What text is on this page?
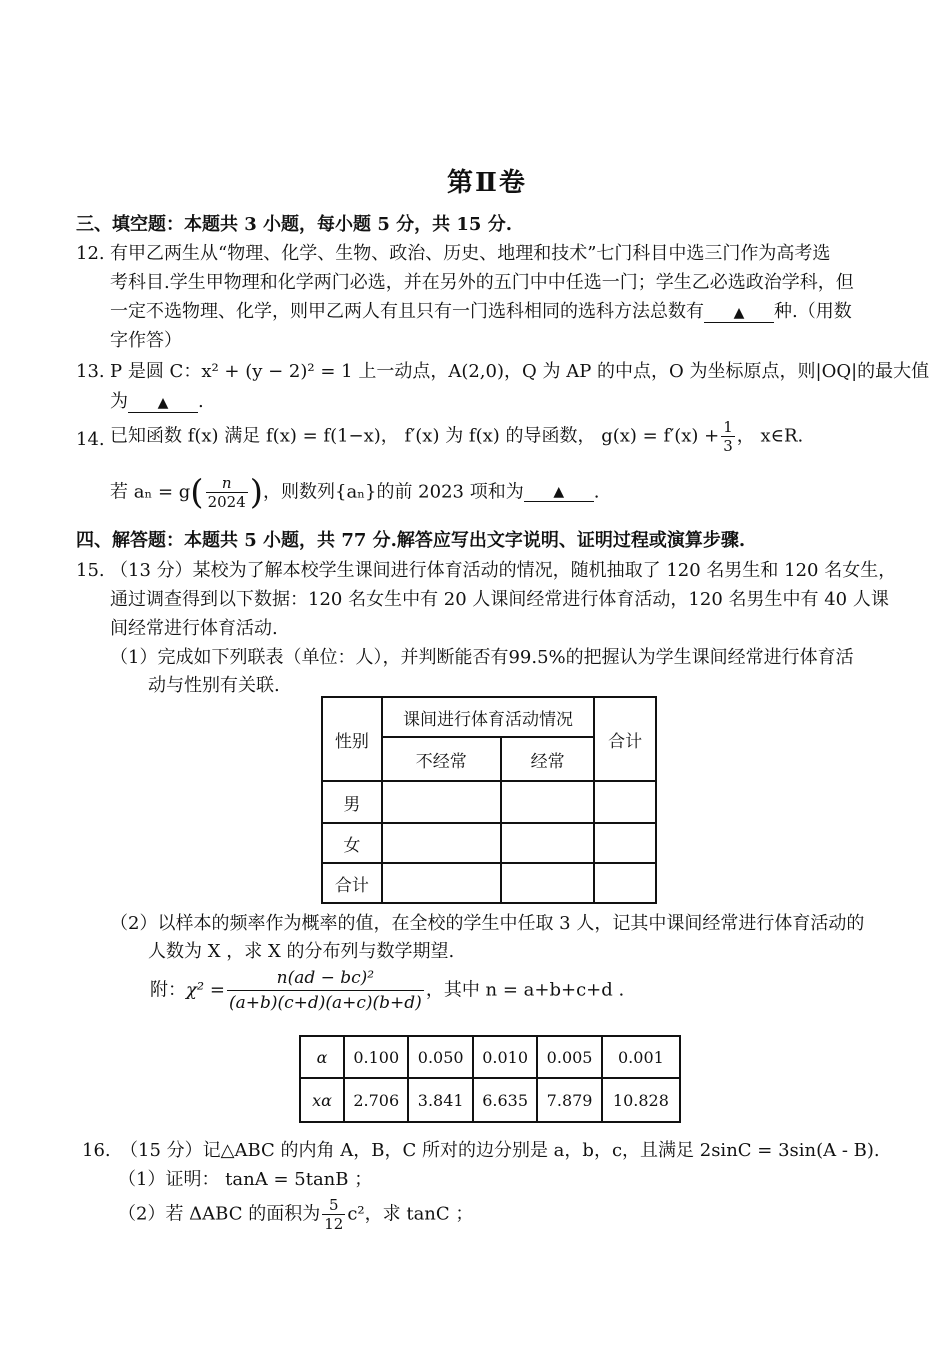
第Ⅱ卷
三、填空题：本题共 3 小题，每小题 5 分，共 15 分.
12. 有甲乙两生从“物理、化学、生物、政治、历史、地理和技术”七门科目中选三门作为高考选
考科目.学生甲物理和化学两门必选，并在另外的五门中中任选一门；学生乙必选政治学科，但
一定不选物理、化学，则甲乙两人有且只有一门选科相同的选科方法总数有 ▲ 种.（用数
字作答）
13. P 是圆 C：x² + (y − 2)² = 1 上一动点，A(2,0)，Q 为 AP 的中点，O 为坐标原点，则|OQ|的最大值
为 ▲ .
14. 已知函数 f(x) 满足 f(x) = f(1−x)， f′(x) 为 f(x) 的导函数， $g(x) = f'(x) + \frac{1}{3}$ ， x∈R.
若 $a_n = g( \frac{n}{2024}$ )，则数列{aₙ}的前 2023 项和为 ▲ .
四、解答题：本题共 5 小题，共 77 分.解答应写出文字说明、证明过程或演算步骤.
15. （13 分）某校为了解本校学生课间进行体育活动的情况，随机抽取了 120 名男生和 120 名女生，
通过调查得到以下数据：120 名女生中有 20 人课间经常进行体育活动，120 名男生中有 40 人课
间经常进行体育活动.
（1）完成如下列联表（单位：人），并判断能否有99.5%的把握认为学生课间经常进行体育活
动与性别有关联.
性别	课间进行体育活动情况		合计
	不经常	经常	
男			
女			
合计			
（2）以样本的频率作为概率的值，在全校的学生中任取 3 人，记其中课间经常进行体育活动的
人数为 X ，求 X 的分布列与数学期望.
附：$\chi^2 = \frac{\text{n(ad − bc)²}}{(a+b)(c+d)(a+c)(b+d)}$ ，其中 n = a+b+c+d .
α	0.100	0.050	0.010	0.005	0.001
xα	2.706	3.841	6.635	7.879	10.828
16. （15 分）记△ABC 的内角 A，B，C 所对的边分别是 a，b，c，且满足 2sinC = 3sin(A - B).
（1）证明： tanA = 5tanB ；
（2）若 ΔABC 的面积为 $\frac{5}{12} c^2$，求 tanC ；
